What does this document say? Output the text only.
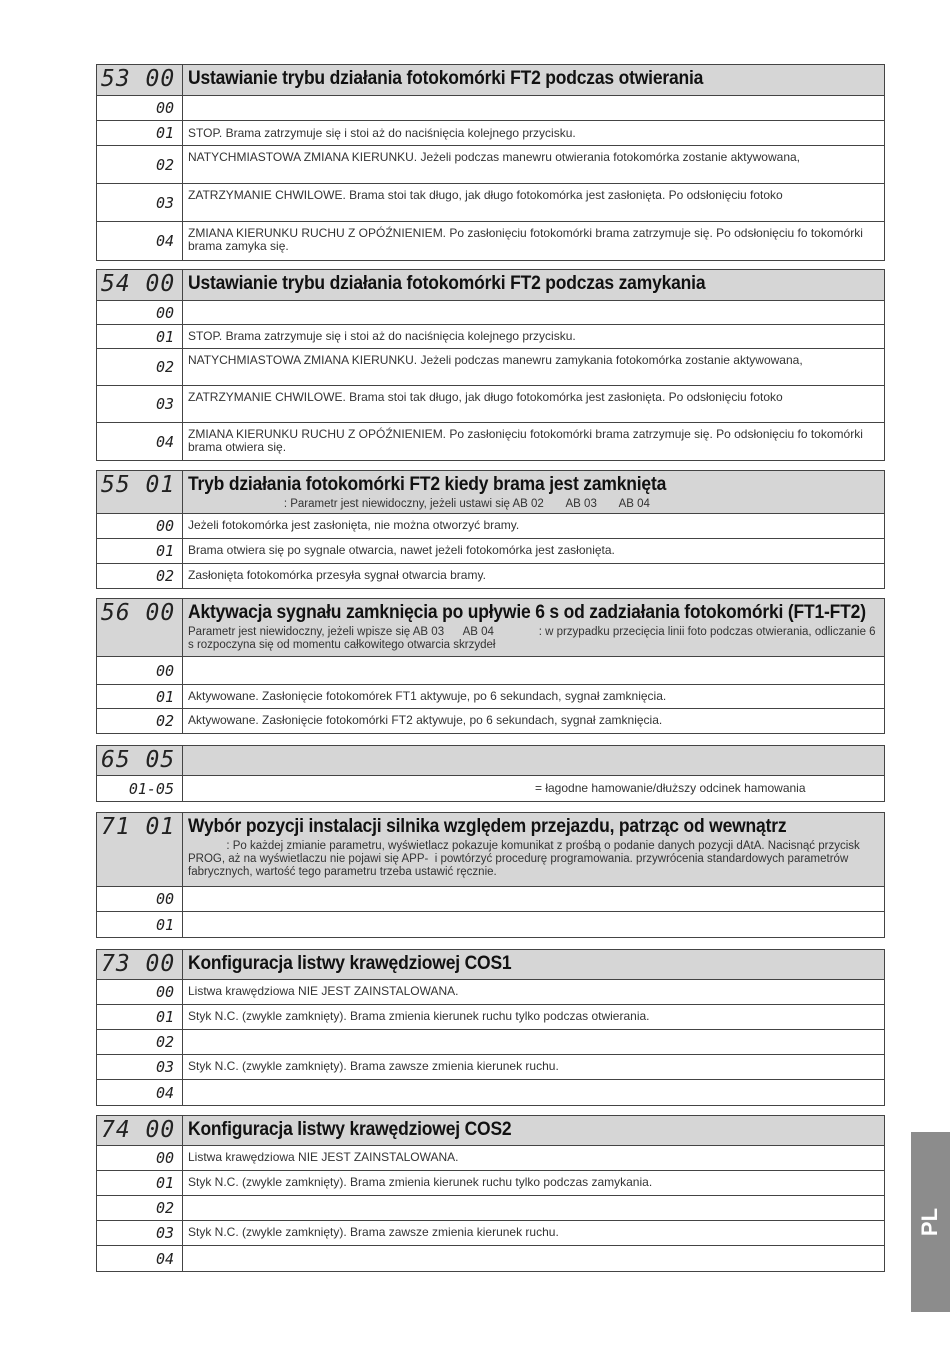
53 00 Ustawianie trybu działania fotokomórki FT2 podczas otwierania
00
01	STOP. Brama zatrzymuje się i stoi aż do naciśnięcia kolejnego przycisku.
02	NATYCHMIASTOWA ZMIANA KIERUNKU. Jeżeli podczas manewru otwierania fotokomórka zostanie aktywowana,
03	ZATRZYMANIE CHWILOWE. Brama stoi tak długo, jak długo fotokomórka jest zasłonięta. Po odsłonięciu fotoko
04	ZMIANA KIERUNKU RUCHU Z OPÓŹNIENIEM. Po zasłonięciu fotokomórki brama zatrzymuje się. Po odsłonięciu fo tokomórki brama zamyka się.
54 00 Ustawianie trybu działania fotokomórki FT2 podczas zamykania
00
01	STOP. Brama zatrzymuje się i stoi aż do naciśnięcia kolejnego przycisku.
02	NATYCHMIASTOWA ZMIANA KIERUNKU. Jeżeli podczas manewru zamykania fotokomórka zostanie aktywowana,
03	ZATRZYMANIE CHWILOWE. Brama stoi tak długo, jak długo fotokomórka jest zasłonięta. Po odsłonięciu fotoko
04	ZMIANA KIERUNKU RUCHU Z OPÓŹNIENIEM. Po zasłonięciu fotokomórki brama zatrzymuje się. Po odsłonięciu fo tokomórki brama otwiera się.
55 01 Tryb działania fotokomórki FT2 kiedy brama jest zamknięta
: Parametr jest niewidoczny, jeżeli ustawi się AB 02       AB 03       AB 04
00	Jeżeli fotokomórka jest zasłonięta, nie można otworzyć bramy.
01	Brama otwiera się po sygnale otwarcia, nawet jeżeli fotokomórka jest zasłonięta.
02	Zasłonięta fotokomórka przesyła sygnał otwarcia bramy.
56 00 Aktywacja sygnału zamknięcia po upływie 6 s od zadziałania fotokomórki (FT1-FT2)
Parametr jest niewidoczny, jeżeli wpisze się AB 03      AB 04              : w przypadku przecięcia linii foto podczas otwierania, odliczanie 6 s rozpoczyna się od momentu całkowitego otwarcia skrzydeł
00
01	Aktywowane. Zasłonięcie fotokomórek FT1 aktywuje, po 6 sekundach, sygnał zamknięcia.
02	Aktywowane. Zasłonięcie fotokomórki FT2 aktywuje, po 6 sekundach, sygnał zamknięcia.
65 05
01-05	= łagodne hamowanie/dłuższy odcinek hamowania
71 01 Wybór pozycji instalacji silnika względem przejazdu, patrząc od wewnątrz
: Po każdej zmianie parametru, wyświetlacz pokazuje komunikat z prośbą o podanie danych pozycji dAtA. Nacisnąć przycisk PROG, aż na wyświetlaczu nie pojawi się APP-  i powtórzyć procedurę programowania. przywrócenia standardowych parametrów fabrycznych, wartość tego parametru trzeba ustawić ręcznie.
00
01
73 00 Konfiguracja listwy krawędziowej COS1
00	Listwa krawędziowa NIE JEST ZAINSTALOWANA.
01	Styk N.C. (zwykle zamknięty). Brama zmienia kierunek ruchu tylko podczas otwierania.
02
03	Styk N.C. (zwykle zamknięty). Brama zawsze zmienia kierunek ruchu.
04
74 00 Konfiguracja listwy krawędziowej COS2
00	Listwa krawędziowa NIE JEST ZAINSTALOWANA.
01	Styk N.C. (zwykle zamknięty). Brama zmienia kierunek ruchu tylko podczas zamykania.
02
03	Styk N.C. (zwykle zamknięty). Brama zawsze zmienia kierunek ruchu.
04
PL
